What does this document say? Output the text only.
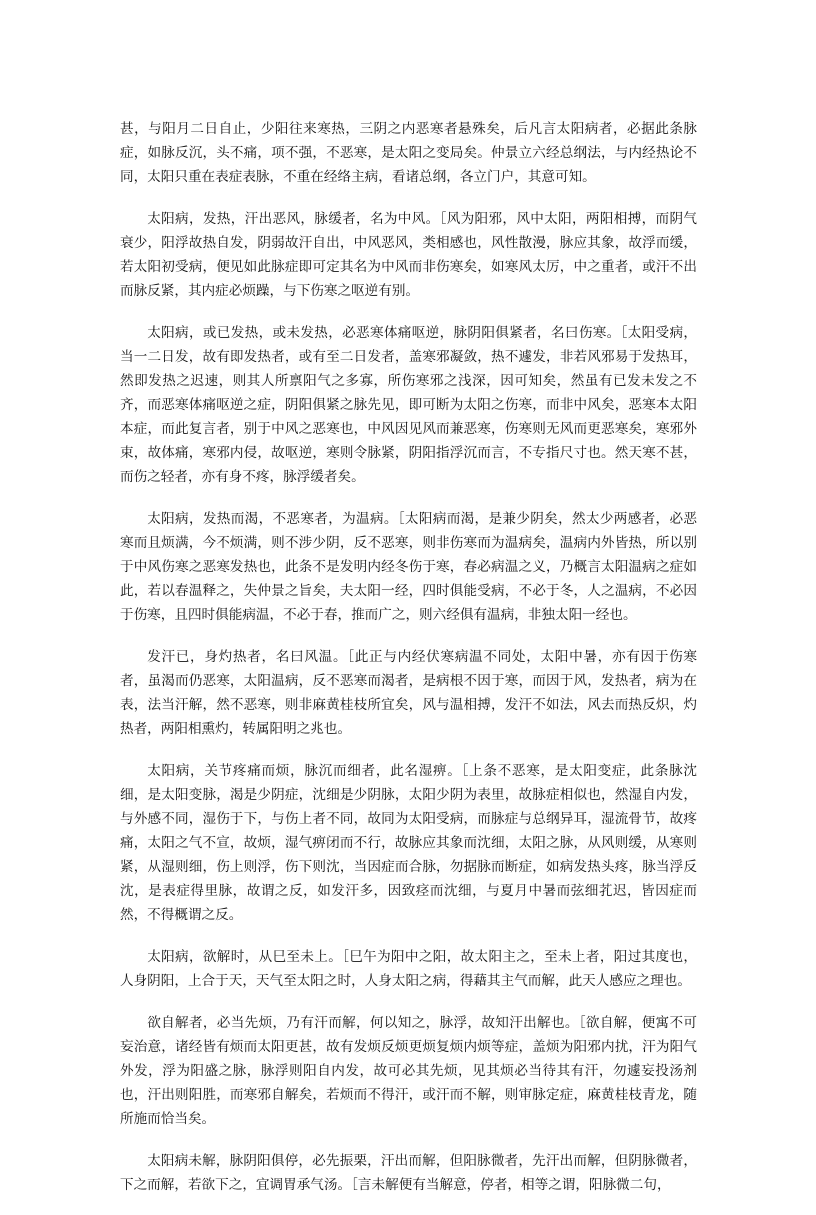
甚，与阳月二日自止，少阳往来寒热，三阴之内恶寒者悬殊矣，后凡言太阳病者，必据此条脉症，如脉反沉，头不痛，项不强，不恶寒，是太阳之变局矣。仲景立六经总纲法，与内经热论不同，太阳只重在表症表脉，不重在经络主病，看诸总纲，各立门户，其意可知。

太阳病，发热，汗出恶风，脉缓者，名为中风。［风为阳邪，风中太阳，两阳相搏，而阴气衰少，阳浮故热自发，阴弱故汗自出，中风恶风，类相感也，风性散漫，脉应其象，故浮而缓，若太阳初受病，便见如此脉症即可定其名为中风而非伤寒矣，如寒风太厉，中之重者，或汗不出而脉反紧，其内症必烦躁，与下伤寒之呕逆有别。

太阳病，或已发热，或未发热，必恶寒体痛呕逆，脉阴阳俱紧者，名曰伤寒。［太阳受病，当一二日发，故有即发热者，或有至二日发者，盖寒邪凝敛，热不遽发，非若风邪易于发热耳，然即发热之迟速，则其人所禀阳气之多寡，所伤寒邪之浅深，因可知矣，然虽有已发未发之不齐，而恶寒体痛呕逆之症，阴阳俱紧之脉先见，即可断为太阳之伤寒，而非中风矣，恶寒本太阳本症，而此复言者，别于中风之恶寒也，中风因见风而兼恶寒，伤寒则无风而更恶寒矣，寒邪外束，故体痛，寒邪内侵，故呕逆，寒则令脉紧，阴阳指浮沉而言，不专指尺寸也。然天寒不甚，而伤之轻者，亦有身不疼，脉浮缓者矣。

太阳病，发热而渴，不恶寒者，为温病。［太阳病而渴，是兼少阴矣，然太少两感者，必恶寒而且烦满，今不烦满，则不涉少阴，反不恶寒，则非伤寒而为温病矣，温病内外皆热，所以别于中风伤寒之恶寒发热也，此条不是发明内经冬伤于寒，春必病温之义，乃概言太阳温病之症如此，若以春温释之，失仲景之旨矣，夫太阳一经，四时俱能受病，不必于冬，人之温病，不必因于伤寒，且四时俱能病温，不必于春，推而广之，则六经俱有温病，非独太阳一经也。

发汗已，身灼热者，名曰风温。［此正与内经伏寒病温不同处，太阳中暑，亦有因于伤寒者，虽渴而仍恶寒，太阳温病，反不恶寒而渴者，是病根不因于寒，而因于风，发热者，病为在表，法当汗解，然不恶寒，则非麻黄桂枝所宜矣，风与温相搏，发汗不如法，风去而热反炽，灼热者，两阳相熏灼，转属阳明之兆也。

太阳病，关节疼痛而烦，脉沉而细者，此名湿痹。［上条不恶寒，是太阳变症，此条脉沈细，是太阳变脉，渴是少阴症，沈细是少阴脉，太阳少阴为表里，故脉症相似也，然湿自内发，与外感不同，湿伤于下，与伤上者不同，故同为太阳受病，而脉症与总纲异耳，湿流骨节，故疼痛，太阳之气不宣，故烦，湿气痹闭而不行，故脉应其象而沈细，太阳之脉，从风则缓，从寒则紧，从湿则细，伤上则浮，伤下则沈，当因症而合脉，勿据脉而断症，如病发热头疼，脉当浮反沈，是表症得里脉，故谓之反，如发汗多，因致痉而沈细，与夏月中暑而弦细芤迟，皆因症而然，不得概谓之反。

太阳病，欲解时，从巳至未上。［巳午为阳中之阳，故太阳主之，至未上者，阳过其度也，人身阴阳，上合于天，天气至太阳之时，人身太阳之病，得藉其主气而解，此天人感应之理也。

欲自解者，必当先烦，乃有汗而解，何以知之，脉浮，故知汗出解也。［欲自解，便寓不可妄治意，诸经皆有烦而太阳更甚，故有发烦反烦更烦复烦内烦等症，盖烦为阳邪内扰，汗为阳气外发，浮为阳盛之脉，脉浮则阳自内发，故可必其先烦，见其烦必当待其有汗，勿遽妄投汤剂也，汗出则阳胜，而寒邪自解矣，若烦而不得汗，或汗而不解，则审脉定症，麻黄桂枝青龙，随所施而恰当矣。

太阳病未解，脉阴阳俱停，必先振栗，汗出而解，但阳脉微者，先汗出而解，但阴脉微者，下之而解，若欲下之，宜调胃承气汤。［言未解便有当解意，停者，相等之谓，阳脉微二句，
